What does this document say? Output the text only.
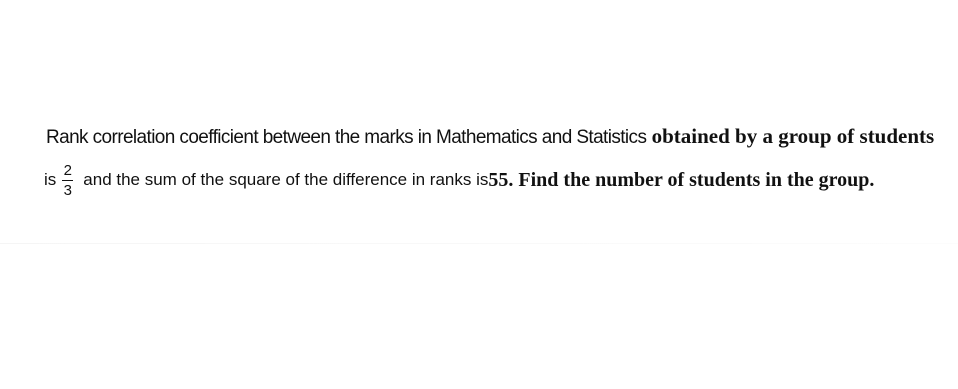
Rank correlation coefficient between the marks in Mathematics and Statistics obtained by a group of students
is $\frac{2}{3}$ and the sum of the square of the difference in ranks is 55. Find the number of students in the group.
